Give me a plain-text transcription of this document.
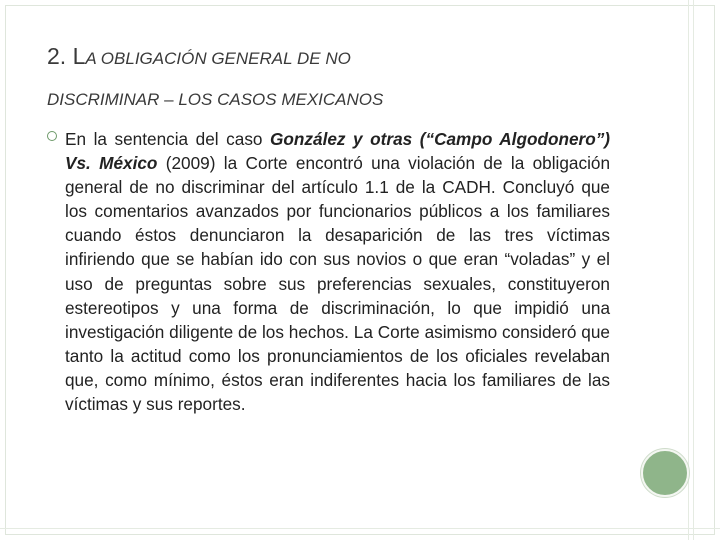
2. LA OBLIGACIÓN GENERAL DE NO
DISCRIMINAR – LOS CASOS MEXICANOS

En la sentencia del caso González y otras (“Campo Algodonero”) Vs. México (2009) la Corte encontró una violación de la obligación general de no discriminar del artículo 1.1 de la CADH. Concluyó que los comentarios avanzados por funcionarios públicos a los familiares cuando éstos denunciaron la desaparición de las tres víctimas infiriendo que se habían ido con sus novios o que eran “voladas” y el uso de preguntas sobre sus preferencias sexuales, constituyeron estereotipos y una forma de discriminación, lo que impidió una investigación diligente de los hechos. La Corte asimismo consideró que tanto la actitud como los pronunciamientos de los oficiales revelaban que, como mínimo, éstos eran indiferentes hacia los familiares de las víctimas y sus reportes.
